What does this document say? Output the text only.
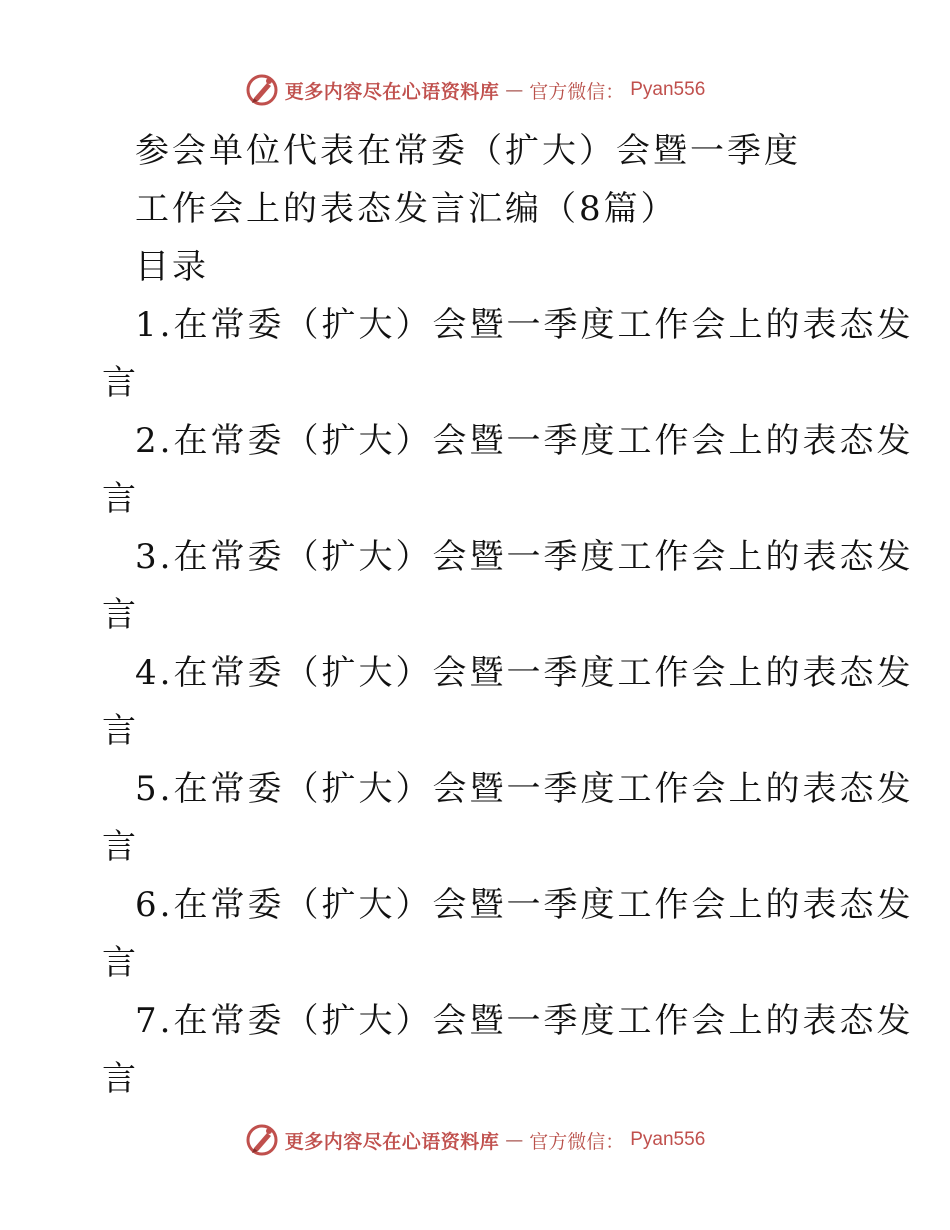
更多内容尽在心语资料库 — 官方微信： Pyan556
参会单位代表在常委（扩大）会暨一季度
工作会上的表态发言汇编（8篇）
目录
1.在常委（扩大）会暨一季度工作会上的表态发
言
2.在常委（扩大）会暨一季度工作会上的表态发
言
3.在常委（扩大）会暨一季度工作会上的表态发
言
4.在常委（扩大）会暨一季度工作会上的表态发
言
5.在常委（扩大）会暨一季度工作会上的表态发
言
6.在常委（扩大）会暨一季度工作会上的表态发
言
7.在常委（扩大）会暨一季度工作会上的表态发
言
更多内容尽在心语资料库 — 官方微信： Pyan556
